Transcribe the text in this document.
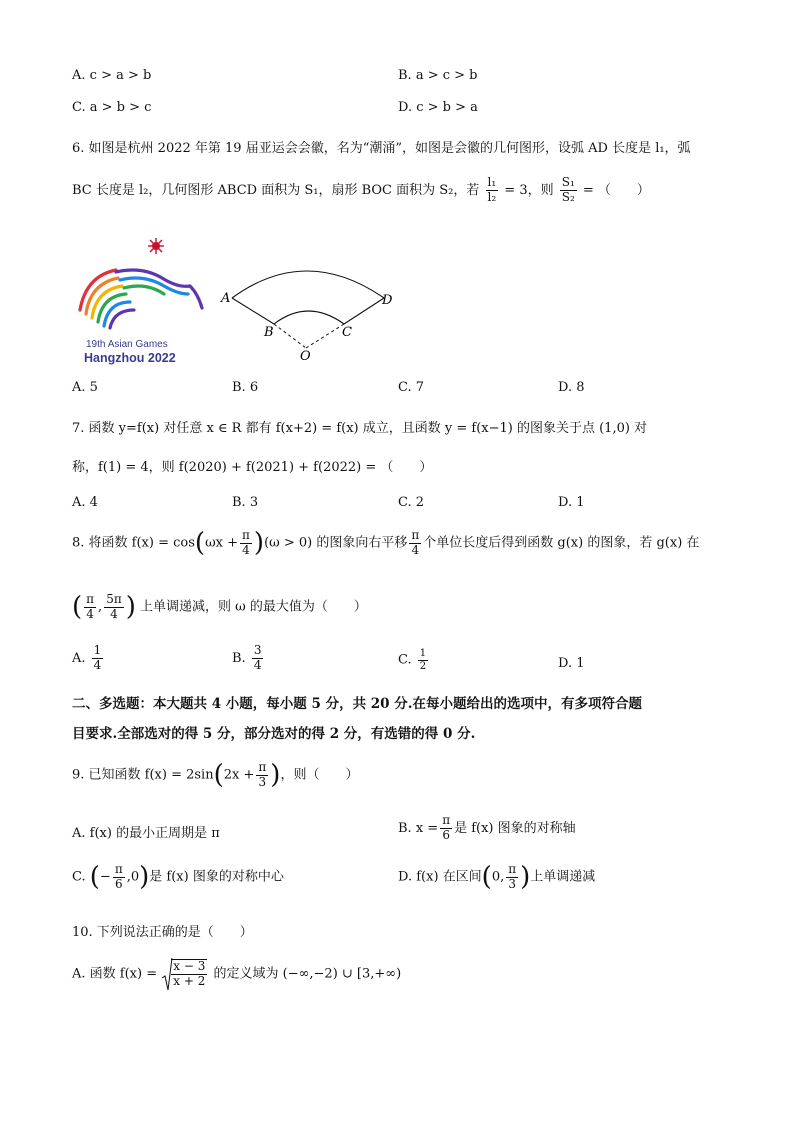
A. c > a > b	B. a > c > b
C. a > b > c	D. c > b > a
6. 如图是杭州 2022 年第 19 届亚运会会徽，名为“潮涌”，如图是会徽的几何图形，设弧 AD 长度是 l₁，弧
BC 长度是 l₂，几何图形 ABCD 面积为 S₁，扇形 BOC 面积为 S₂，若 $\frac{\text{l₁}}{\text{l₂}} = 3$，则 $\frac{\text{S₁}}{\text{S₂}}$ = （　　）
19th Asian Games
Hangzhou 2022
A
B	C
D
O
A. 5	B. 6	C. 7	D. 8
7. 函数 y=f(x) 对任意 x ∈ R 都有 f(x+2) = f(x) 成立，且函数 y = f(x−1) 的图象关于点 (1,0) 对
称，f(1) = 4，则 f(2020) + f(2021) + f(2022) = （　　）
A. 4	B. 3	C. 2	D. 1
8. 将函数 $f(x) = \cos(\omega x + \frac{\pi}{4} )(\omega > 0)$ 的图象向右平移 $\frac{\pi}{4}$ 个单位长度后得到函数 g(x) 的图象，若 g(x) 在
( $\frac{\pi}{4}$ , $\frac{5\pi}{4}$ ) 上单调递减，则 ω 的最大值为（　　）
A. $\frac{1}{4}$	B. $\frac{3}{4}$	C. $\frac{1}{2}$	D. 1
二、多选题：本大题共 4 小题，每小题 5 分，共 20 分.在每小题给出的选项中，有多项符合题
目要求.全部选对的得 5 分，部分选对的得 2 分，有选错的得 0 分.
9. 已知函数 $f(x) = 2\sin(2x + \frac{\pi}{3}$ )，则（　　）
A. f(x) 的最小正周期是 π	B. $x = \frac{\pi}{6}$ 是 f(x) 图象的对称轴
C. (− $\frac{\pi}{6} ,0$)是 f(x) 图象的对称中心	D. f(x) 在区间(0, $\frac{\pi}{3}$ )上单调递减
10. 下列说法正确的是（　　）
A. 函数 $f(x) = \frac{x - 3}{x + 2}$ 的定义域为 (−∞,−2) ∪ [3,+∞)
